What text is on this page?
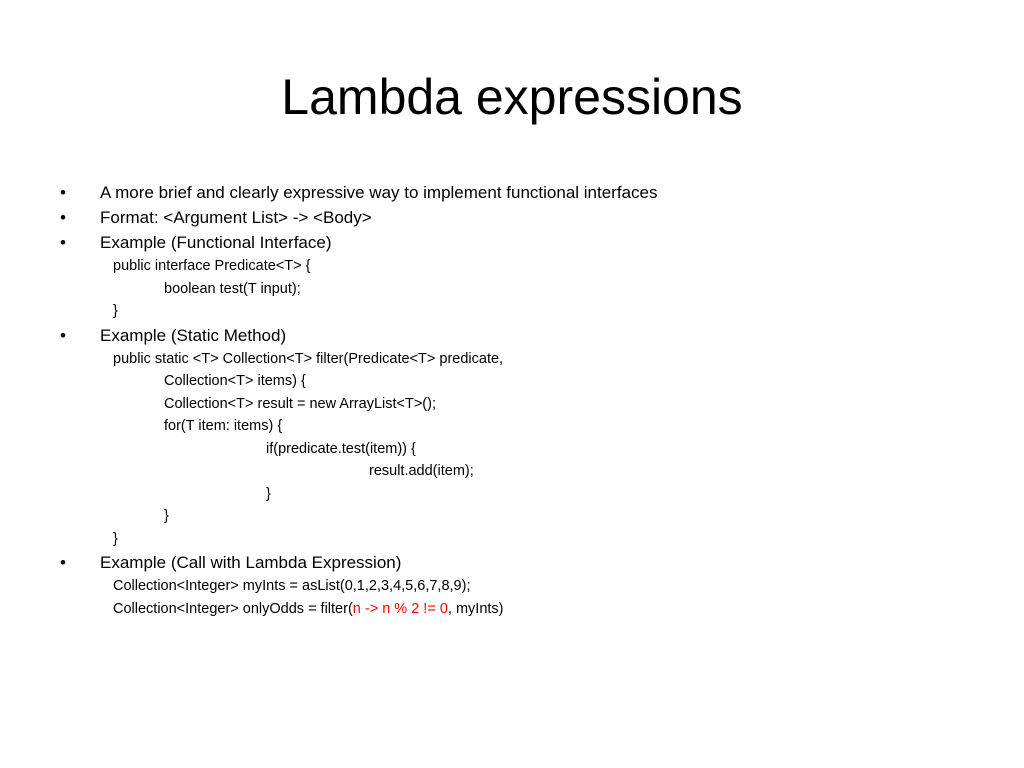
Lambda expressions
•	A more brief and clearly expressive way to implement functional interfaces
•	Format: <Argument List> -> <Body>
•	Example (Functional Interface)
public interface Predicate<T> {
boolean test(T input);
}
•	Example (Static Method)
public static <T> Collection<T> filter(Predicate<T> predicate,
Collection<T> items) {
Collection<T> result = new ArrayList<T>();
for(T item: items) {
if(predicate.test(item)) {
result.add(item);
}
}
}
•	Example (Call with Lambda Expression)
Collection<Integer> myInts = asList(0,1,2,3,4,5,6,7,8,9);
Collection<Integer> onlyOdds = filter(n -> n % 2 != 0, myInts)
